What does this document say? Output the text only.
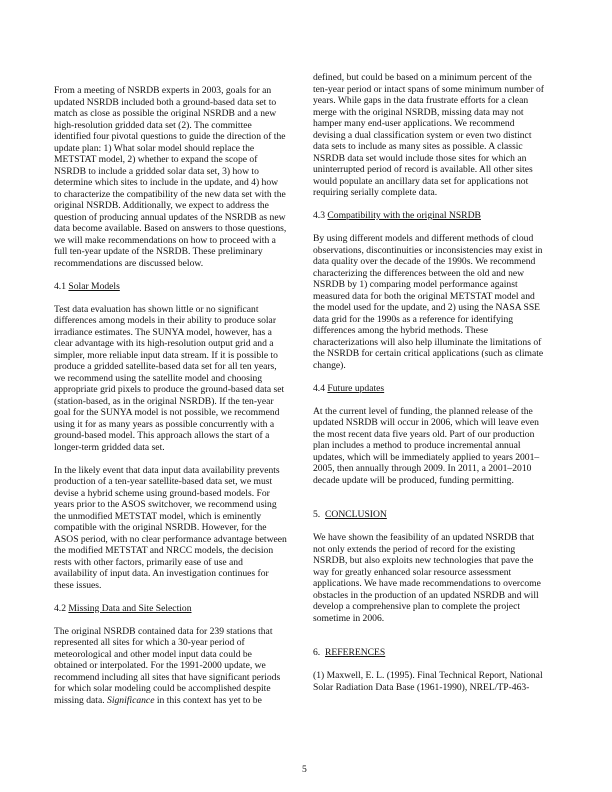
From a meeting of NSRDB experts in 2003, goals for an
updated NSRDB included both a ground-based data set to
match as close as possible the original NSRDB and a new
high-resolution gridded data set (2). The committee
identified four pivotal questions to guide the direction of the
update plan: 1) What solar model should replace the
METSTAT model, 2) whether to expand the scope of
NSRDB to include a gridded solar data set, 3) how to
determine which sites to include in the update, and 4) how
to characterize the compatibility of the new data set with the
original NSRDB. Additionally, we expect to address the
question of producing annual updates of the NSRDB as new
data become available. Based on answers to those questions,
we will make recommendations on how to proceed with a
full ten-year update of the NSRDB. These preliminary
recommendations are discussed below.
4.1 Solar Models
Test data evaluation has shown little or no significant
differences among models in their ability to produce solar
irradiance estimates. The SUNYA model, however, has a
clear advantage with its high-resolution output grid and a
simpler, more reliable input data stream. If it is possible to
produce a gridded satellite-based data set for all ten years,
we recommend using the satellite model and choosing
appropriate grid pixels to produce the ground-based data set
(station-based, as in the original NSRDB). If the ten-year
goal for the SUNYA model is not possible, we recommend
using it for as many years as possible concurrently with a
ground-based model. This approach allows the start of a
longer-term gridded data set.
In the likely event that data input data availability prevents
production of a ten-year satellite-based data set, we must
devise a hybrid scheme using ground-based models. For
years prior to the ASOS switchover, we recommend using
the unmodified METSTAT model, which is eminently
compatible with the original NSRDB. However, for the
ASOS period, with no clear performance advantage between
the modified METSTAT and NRCC models, the decision
rests with other factors, primarily ease of use and
availability of input data. An investigation continues for
these issues.
4.2 Missing Data and Site Selection
The original NSRDB contained data for 239 stations that
represented all sites for which a 30-year period of
meteorological and other model input data could be
obtained or interpolated. For the 1991-2000 update, we
recommend including all sites that have significant periods
for which solar modeling could be accomplished despite
missing data. Significance in this context has yet to be
defined, but could be based on a minimum percent of the
ten-year period or intact spans of some minimum number of
years. While gaps in the data frustrate efforts for a clean
merge with the original NSRDB, missing data may not
hamper many end-user applications. We recommend
devising a dual classification system or even two distinct
data sets to include as many sites as possible. A classic
NSRDB data set would include those sites for which an
uninterrupted period of record is available. All other sites
would populate an ancillary data set for applications not
requiring serially complete data.
4.3 Compatibility with the original NSRDB
By using different models and different methods of cloud
observations, discontinuities or inconsistencies may exist in
data quality over the decade of the 1990s. We recommend
characterizing the differences between the old and new
NSRDB by 1) comparing model performance against
measured data for both the original METSTAT model and
the model used for the update, and 2) using the NASA SSE
data grid for the 1990s as a reference for identifying
differences among the hybrid methods. These
characterizations will also help illuminate the limitations of
the NSRDB for certain critical applications (such as climate
change).
4.4 Future updates
At the current level of funding, the planned release of the
updated NSRDB will occur in 2006, which will leave even
the most recent data five years old. Part of our production
plan includes a method to produce incremental annual
updates, which will be immediately applied to years 2001–
2005, then annually through 2009. In 2011, a 2001–2010
decade update will be produced, funding permitting.
5.  CONCLUSION
We have shown the feasibility of an updated NSRDB that
not only extends the period of record for the existing
NSRDB, but also exploits new technologies that pave the
way for greatly enhanced solar resource assessment
applications. We have made recommendations to overcome
obstacles in the production of an updated NSRDB and will
develop a comprehensive plan to complete the project
sometime in 2006.
6.  REFERENCES
(1) Maxwell, E. L. (1995). Final Technical Report, National
Solar Radiation Data Base (1961-1990), NREL/TP-463-
5
